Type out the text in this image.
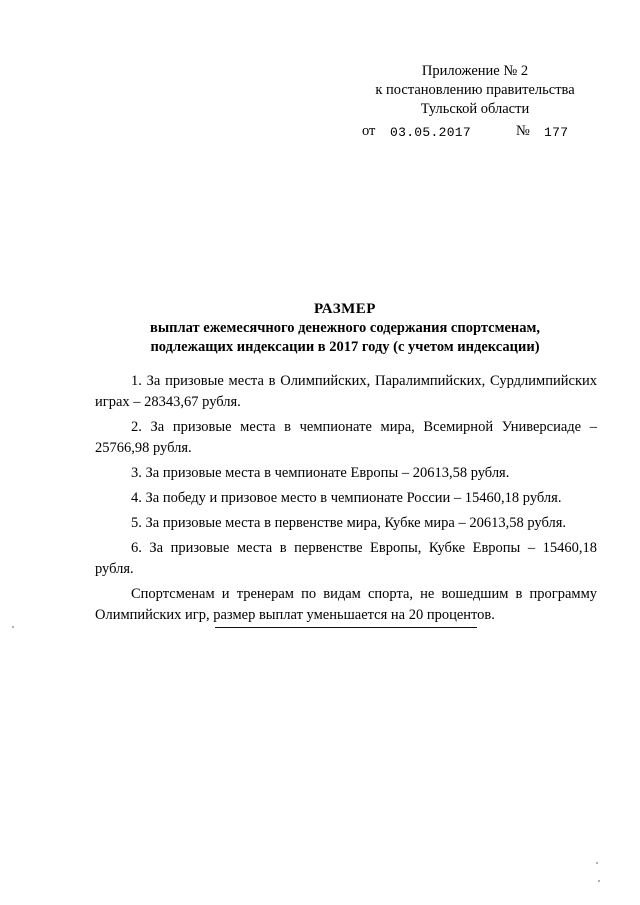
Приложение № 2
к постановлению правительства
Тульской области
от 03.05.2017	№ 177
РАЗМЕР
выплат ежемесячного денежного содержания спортсменам,
подлежащих индексации в 2017 году (с учетом индексации)

1. За призовые места в Олимпийских, Паралимпийских, Сурдлимпийских играх – 28343,67 рубля.

2. За призовые места в чемпионате мира, Всемирной Универсиаде – 25766,98 рубля.

3. За призовые места в чемпионате Европы – 20613,58 рубля.

4. За победу и призовое место в чемпионате России – 15460,18 рубля.

5. За призовые места в первенстве мира, Кубке мира – 20613,58 рубля.

6. За призовые места в первенстве Европы, Кубке Европы – 15460,18 рубля.

Спортсменам и тренерам по видам спорта, не вошедшим в программу Олимпийских игр, размер выплат уменьшается на 20 процентов.
